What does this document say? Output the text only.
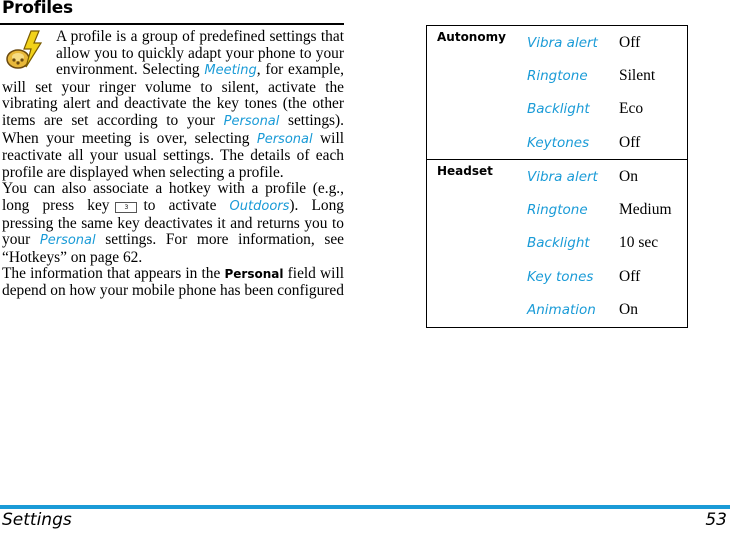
Profiles

A profile is a group of predefined settings that allow you to quickly adapt your phone to your environment. Selecting Meeting, for example, will set your ringer volume to silent, activate the vibrating alert and deactivate the key tones (the other items are set according to your Personal settings). When your meeting is over, selecting Personal will reactivate all your usual settings. The details of each profile are displayed when selecting a profile.

You can also associate a hotkey with a profile (e.g., long press key	3 to activate Outdoors). Long pressing the same key deactivates it and returns you to your Personal settings. For more information, see “Hotkeys” on page 62.

The information that appears in the Personal field will depend on how your mobile phone has been configured

Autonomy	Vibra alert	Off
	Ringtone	Silent
	Backlight	Eco
	Keytones	Off
Headset	Vibra alert	On
	Ringtone	Medium
	Backlight	10 sec
	Key tones	Off
	Animation	On
Settings	53
